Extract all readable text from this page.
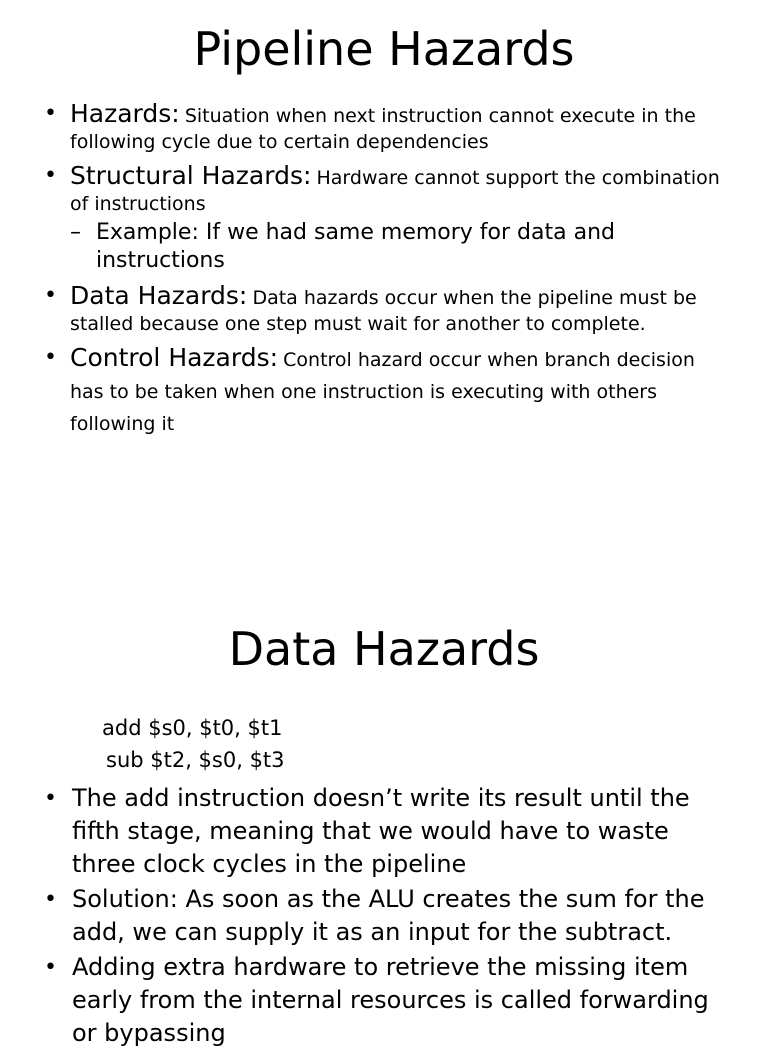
Pipeline Hazards
• Hazards: Situation when next instruction cannot execute in the following cycle due to certain dependencies
• Structural Hazards: Hardware cannot support the combination of instructions
– Example: If we had same memory for data and instructions
• Data Hazards: Data hazards occur when the pipeline must be stalled because one step must wait for another to complete.
• Control Hazards: Control hazard occur when branch decision has to be taken when one instruction is executing with others following it
Data Hazards

add $s0, $t0, $t1

sub $t2, $s0, $t3

• The add instruction doesn’t write its result until the fifth stage, meaning that we would have to waste three clock cycles in the pipeline
• Solution: As soon as the ALU creates the sum for the add, we can supply it as an input for the subtract.
• Adding extra hardware to retrieve the missing item early from the internal resources is called forwarding or bypassing
